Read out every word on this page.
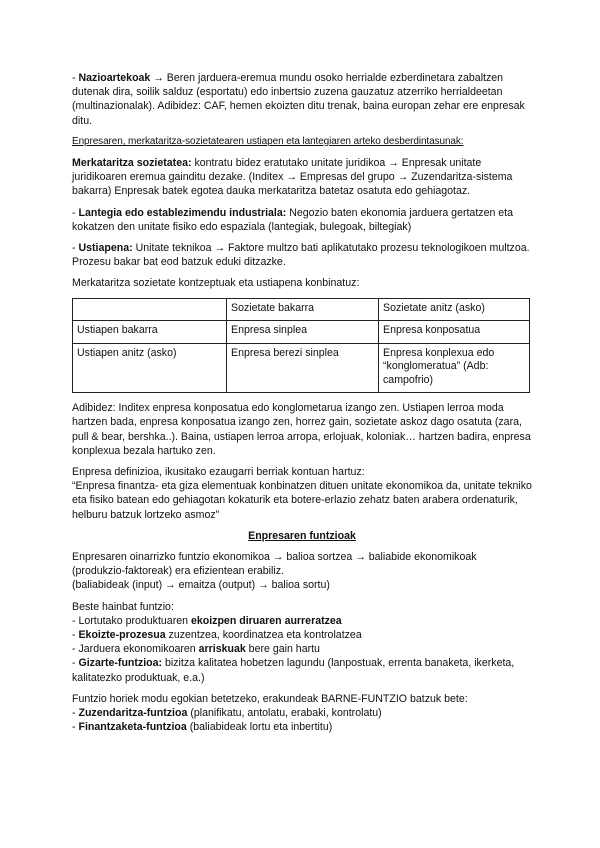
- Nazioartekoak → Beren jarduera-eremua mundu osoko herrialde ezberdinetara zabaltzen dutenak dira, soilik salduz (esportatu) edo inbertsio zuzena gauzatuz atzerriko herrialdeetan (multinazionalak). Adibidez: CAF, hemen ekoizten ditu trenak, baina europan zehar ere enpresak ditu.

Enpresaren, merkataritza-sozietatearen ustiapen eta lantegiaren arteko desberdintasunak:

Merkataritza sozietatea: kontratu bidez eratutako unitate juridikoa → Enpresak unitate juridikoaren eremua gainditu dezake. (Inditex → Empresas del grupo → Zuzendaritza-sistema bakarra) Enpresak batek egotea dauka merkataritza batetaz osatuta edo gehiagotaz.

- Lantegia edo establezimendu industriala: Negozio baten ekonomia jarduera gertatzen eta kokatzen den unitate fisiko edo espaziala (lantegiak, bulegoak, biltegiak)

- Ustiapena: Unitate teknikoa → Faktore multzo bati aplikatutako prozesu teknologikoen multzoa. Prozesu bakar bat eod batzuk eduki ditzazke.

Merkataritza sozietate kontzeptuak eta ustiapena konbinatuz:

	Sozietate bakarra	Sozietate anitz (asko)
Ustiapen bakarra	Enpresa sinplea	Enpresa konposatua
Ustiapen anitz (asko)	Enpresa berezi sinplea	Enpresa konplexua edo “konglomeratua” (Adb: campofrio)

Adibidez: Inditex enpresa konposatua edo konglometarua izango zen. Ustiapen lerroa moda hartzen bada, enpresa konposatua izango zen, horrez gain, sozietate askoz dago osatuta (zara, pull & bear, bershka..). Baina, ustiapen lerroa arropa, erlojuak, koloniak… hartzen badira, enpresa konplexua bezala hartuko zen.

Enpresa definizioa, ikusitako ezaugarri berriak kontuan hartuz:

“Enpresa finantza- eta giza elementuak konbinatzen dituen unitate ekonomikoa da, unitate tekniko eta fisiko batean edo gehiagotan kokaturik eta botere-erlazio zehatz baten arabera ordenaturik, helburu batzuk lortzeko asmoz”

Enpresaren funtzioak

Enpresaren oinarrizko funtzio ekonomikoa → balioa sortzea → baliabide ekonomikoak (produkzio-faktoreak) era efizientean erabiliz.

(baliabideak (input) → emaitza (output) → balioa sortu)

Beste hainbat funtzio:

- Lortutako produktuaren ekoizpen diruaren aurreratzea

- Ekoizte-prozesua zuzentzea, koordinatzea eta kontrolatzea

- Jarduera ekonomikoaren arriskuak bere gain hartu

- Gizarte-funtzioa: bizitza kalitatea hobetzen lagundu (lanpostuak, errenta banaketa, ikerketa, kalitatezko produktuak, e.a.)

Funtzio horiek modu egokian betetzeko, erakundeak BARNE-FUNTZIO batzuk bete:

- Zuzendaritza-funtzioa (planifikatu, antolatu, erabaki, kontrolatu)

- Finantzaketa-funtzioa (baliabideak lortu eta inbertitu)
